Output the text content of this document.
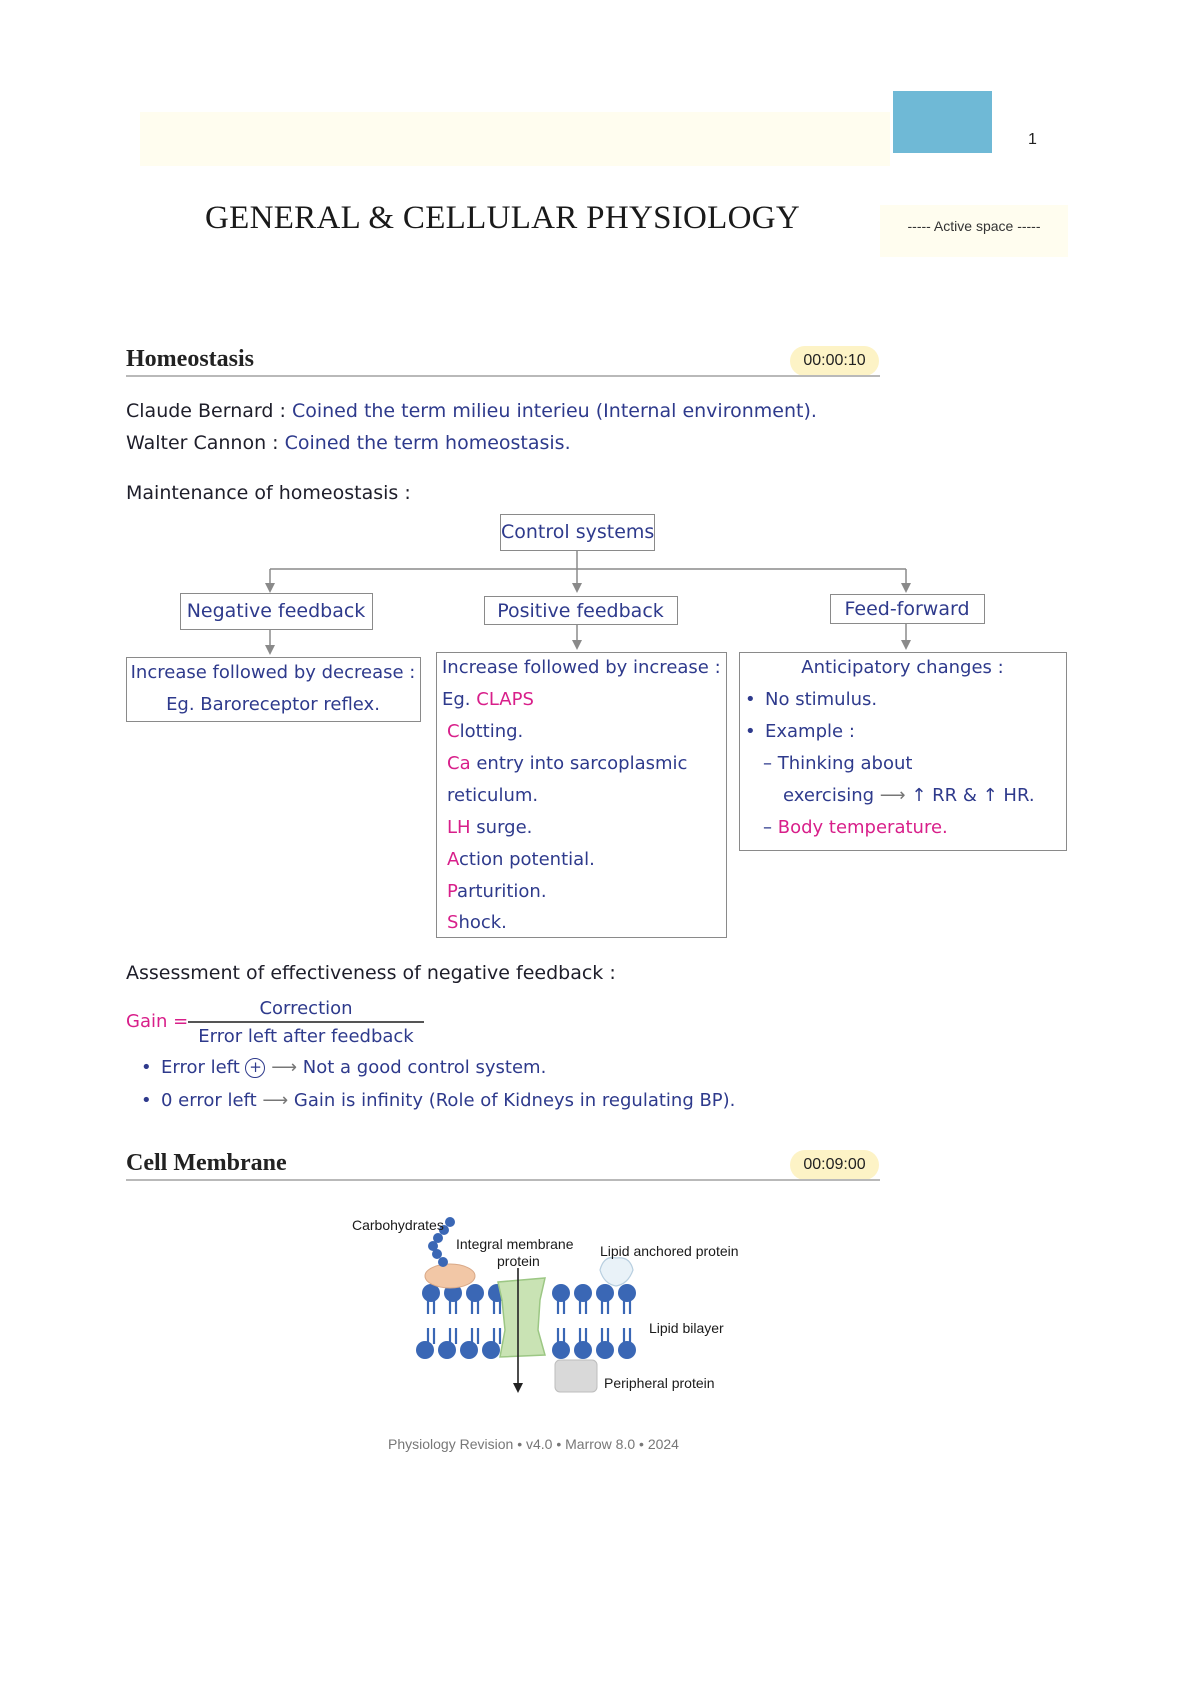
1
GENERAL & CELLULAR PHYSIOLOGY	----- Active space -----
Homeostasis	00:00:10
Claude Bernard : Coined the term milieu interieu (Internal environment).
Walter Cannon : Coined the term homeostasis.
Maintenance of homeostasis :
Control systems
Negative feedback	Positive feedback	Feed-forward
Increase followed by decrease :
Eg. Baroreceptor reflex.
Increase followed by increase :
Eg. CLAPS
Clotting.
Ca entry into sarcoplasmic
reticulum.
LH surge.
Action potential.
Parturition.
Shock.
Anticipatory changes :
• No stimulus.
• Example :
– Thinking about
exercising ⟶ ↑ RR & ↑ HR.
– Body temperature.
Assessment of effectiveness of negative feedback :
Gain =
Correction
Error left after feedback
• Error left + ⟶ Not a good control system.
• 0 error left ⟶ Gain is infinity (Role of Kidneys in regulating BP).
Cell Membrane	00:09:00
Carbohydrates
Integral membrane
protein
Lipid anchored protein
Lipid bilayer
Peripheral protein
Physiology Revision • v4.0 • Marrow 8.0 • 2024
